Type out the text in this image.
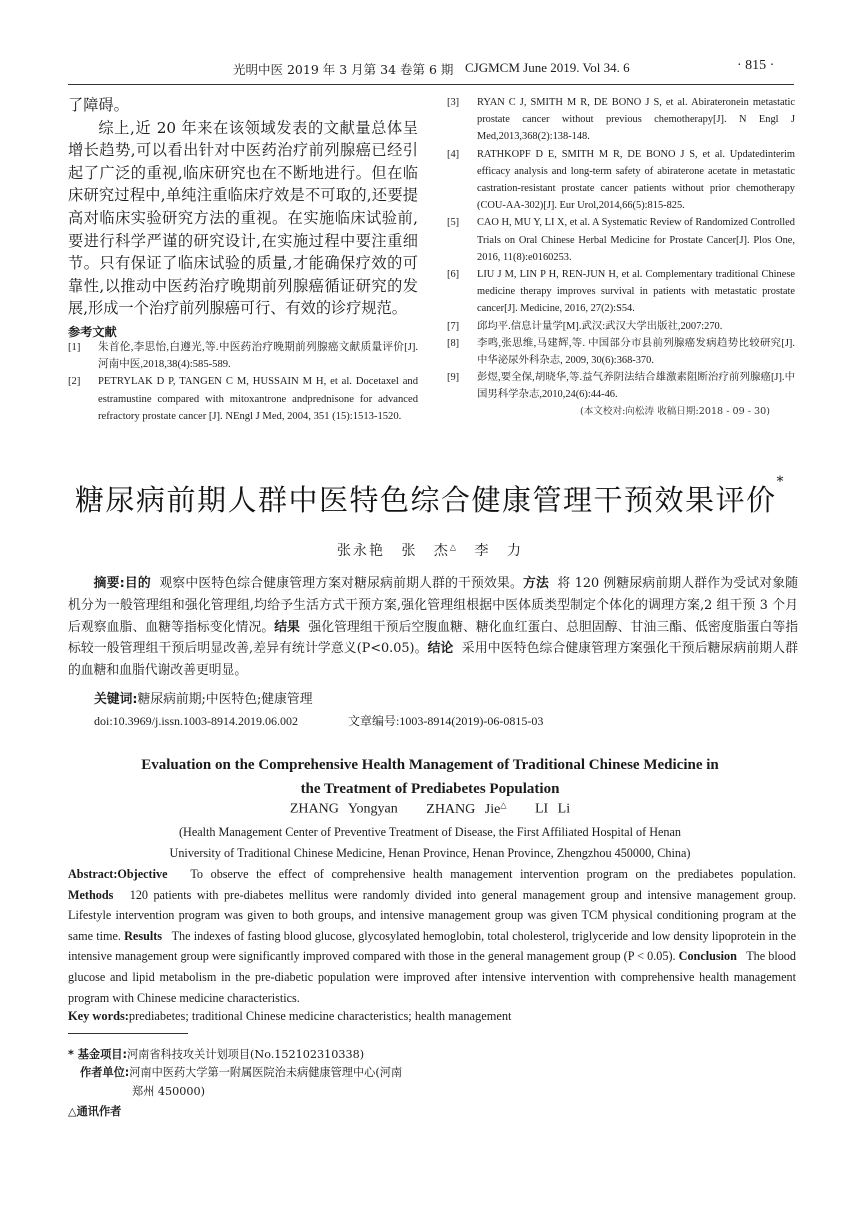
光明中医 2019 年 3 月第 34 卷第 6 期 CJGMCM June 2019. Vol 34. 6	· 815 ·

了障碍。

综上,近 20 年来在该领域发表的文献量总体呈增长趋势,可以看出针对中医药治疗前列腺癌已经引起了广泛的重视,临床研究也在不断地进行。但在临床研究过程中,单纯注重临床疗效是不可取的,还要提高对临床实验研究方法的重视。在实施临床试验前,要进行科学严谨的研究设计,在实施过程中要注重细节。只有保证了临床试验的质量,才能确保疗效的可靠性,以推动中医药治疗晚期前列腺癌循证研究的发展,形成一个治疗前列腺癌可行、有效的诊疗规范。

参考文献
[1] 朱首伦,李思怡,白遵光,等.中医药治疗晚期前列腺癌文献质量评价[J].河南中医,2018,38(4):585-589.
[2] PETRYLAK D P, TANGEN C M, HUSSAIN M H, et al. Docetaxel and estramustine compared with mitoxantrone andprednisone for advanced refractory prostate cancer [J]. NEngl J Med, 2004, 351 (15):1513-1520.
[3] RYAN C J, SMITH M R, DE BONO J S, et al. Abirateronein metastatic prostate cancer without previous chemotherapy[J]. N Engl J Med,2013,368(2):138-148.
[4] RATHKOPF D E, SMITH M R, DE BONO J S, et al. Updatedinterim efficacy analysis and long-term safety of abiraterone acetate in metastatic castration-resistant prostate cancer patients without prior chemotherapy (COU-AA-302)[J]. Eur Urol,2014,66(5):815-825.
[5] CAO H, MU Y, LI X, et al. A Systematic Review of Randomized Controlled Trials on Oral Chinese Herbal Medicine for Prostate Cancer[J]. Plos One, 2016, 11(8):e0160253.
[6] LIU J M, LIN P H, REN-JUN H, et al. Complementary traditional Chinese medicine therapy improves survival in patients with metastatic prostate cancer[J]. Medicine, 2016, 27(2):S54.
[7] 邱均平.信息计量学[M].武汉:武汉大学出版社,2007:270.
[8] 李鸣,张思维,马建辉,等. 中国部分市县前列腺癌发病趋势比较研究[J]. 中华泌尿外科杂志, 2009, 30(6):368-370.
[9] 彭煜,要全保,胡晓华,等.益气养阴法结合雄激素阻断治疗前列腺癌[J].中国男科学杂志,2010,24(6):44-46.
(本文校对:向松涛 收稿日期:2018 - 09 - 30)
糖尿病前期人群中医特色综合健康管理干预效果评价*
张永艳 张 杰△ 李 力
摘要:目的 观察中医特色综合健康管理方案对糖尿病前期人群的干预效果。方法 将 120 例糖尿病前期人群作为受试对象随机分为一般管理组和强化管理组,均给予生活方式干预方案,强化管理组根据中医体质类型制定个体化的调理方案,2 组干预 3 个月后观察血脂、血糖等指标变化情况。结果 强化管理组干预后空腹血糖、糖化血红蛋白、总胆固醇、甘油三酯、低密度脂蛋白等指标较一般管理组干预后明显改善,差异有统计学意义(P<0.05)。结论 采用中医特色综合健康管理方案强化干预后糖尿病前期人群的血糖和血脂代谢改善更明显。
关键词:糖尿病前期;中医特色;健康管理
doi:10.3969/j.issn.1003-8914.2019.06.002	文章编号:1003-8914(2019)-06-0815-03
Evaluation on the Comprehensive Health Management of Traditional Chinese Medicine in
the Treatment of Prediabetes Population
ZHANG Yongyan ZHANG Jie△ LI Li
(Health Management Center of Preventive Treatment of Disease, the First Affiliated Hospital of Henan
University of Traditional Chinese Medicine, Henan Province, Henan Province, Zhengzhou 450000, China)
Abstract:Objective To observe the effect of comprehensive health management intervention program on the prediabetes population. Methods 120 patients with pre-diabetes mellitus were randomly divided into general management group and intensive management group. Lifestyle intervention program was given to both groups, and intensive management group was given TCM physical conditioning program at the same time. Results The indexes of fasting blood glucose, glycosylated hemoglobin, total cholesterol, triglyceride and low density lipoprotein in the intensive management group were significantly improved compared with those in the general management group (P < 0.05). Conclusion The blood glucose and lipid metabolism in the pre-diabetic population were improved after intensive intervention with comprehensive health management program with Chinese medicine characteristics.
Key words:prediabetes; traditional Chinese medicine characteristics; health management
* 基金项目:河南省科技攻关计划项目(No.152102310338)
作者单位:河南中医药大学第一附属医院治未病健康管理中心(河南
郑州 450000)
△通讯作者
